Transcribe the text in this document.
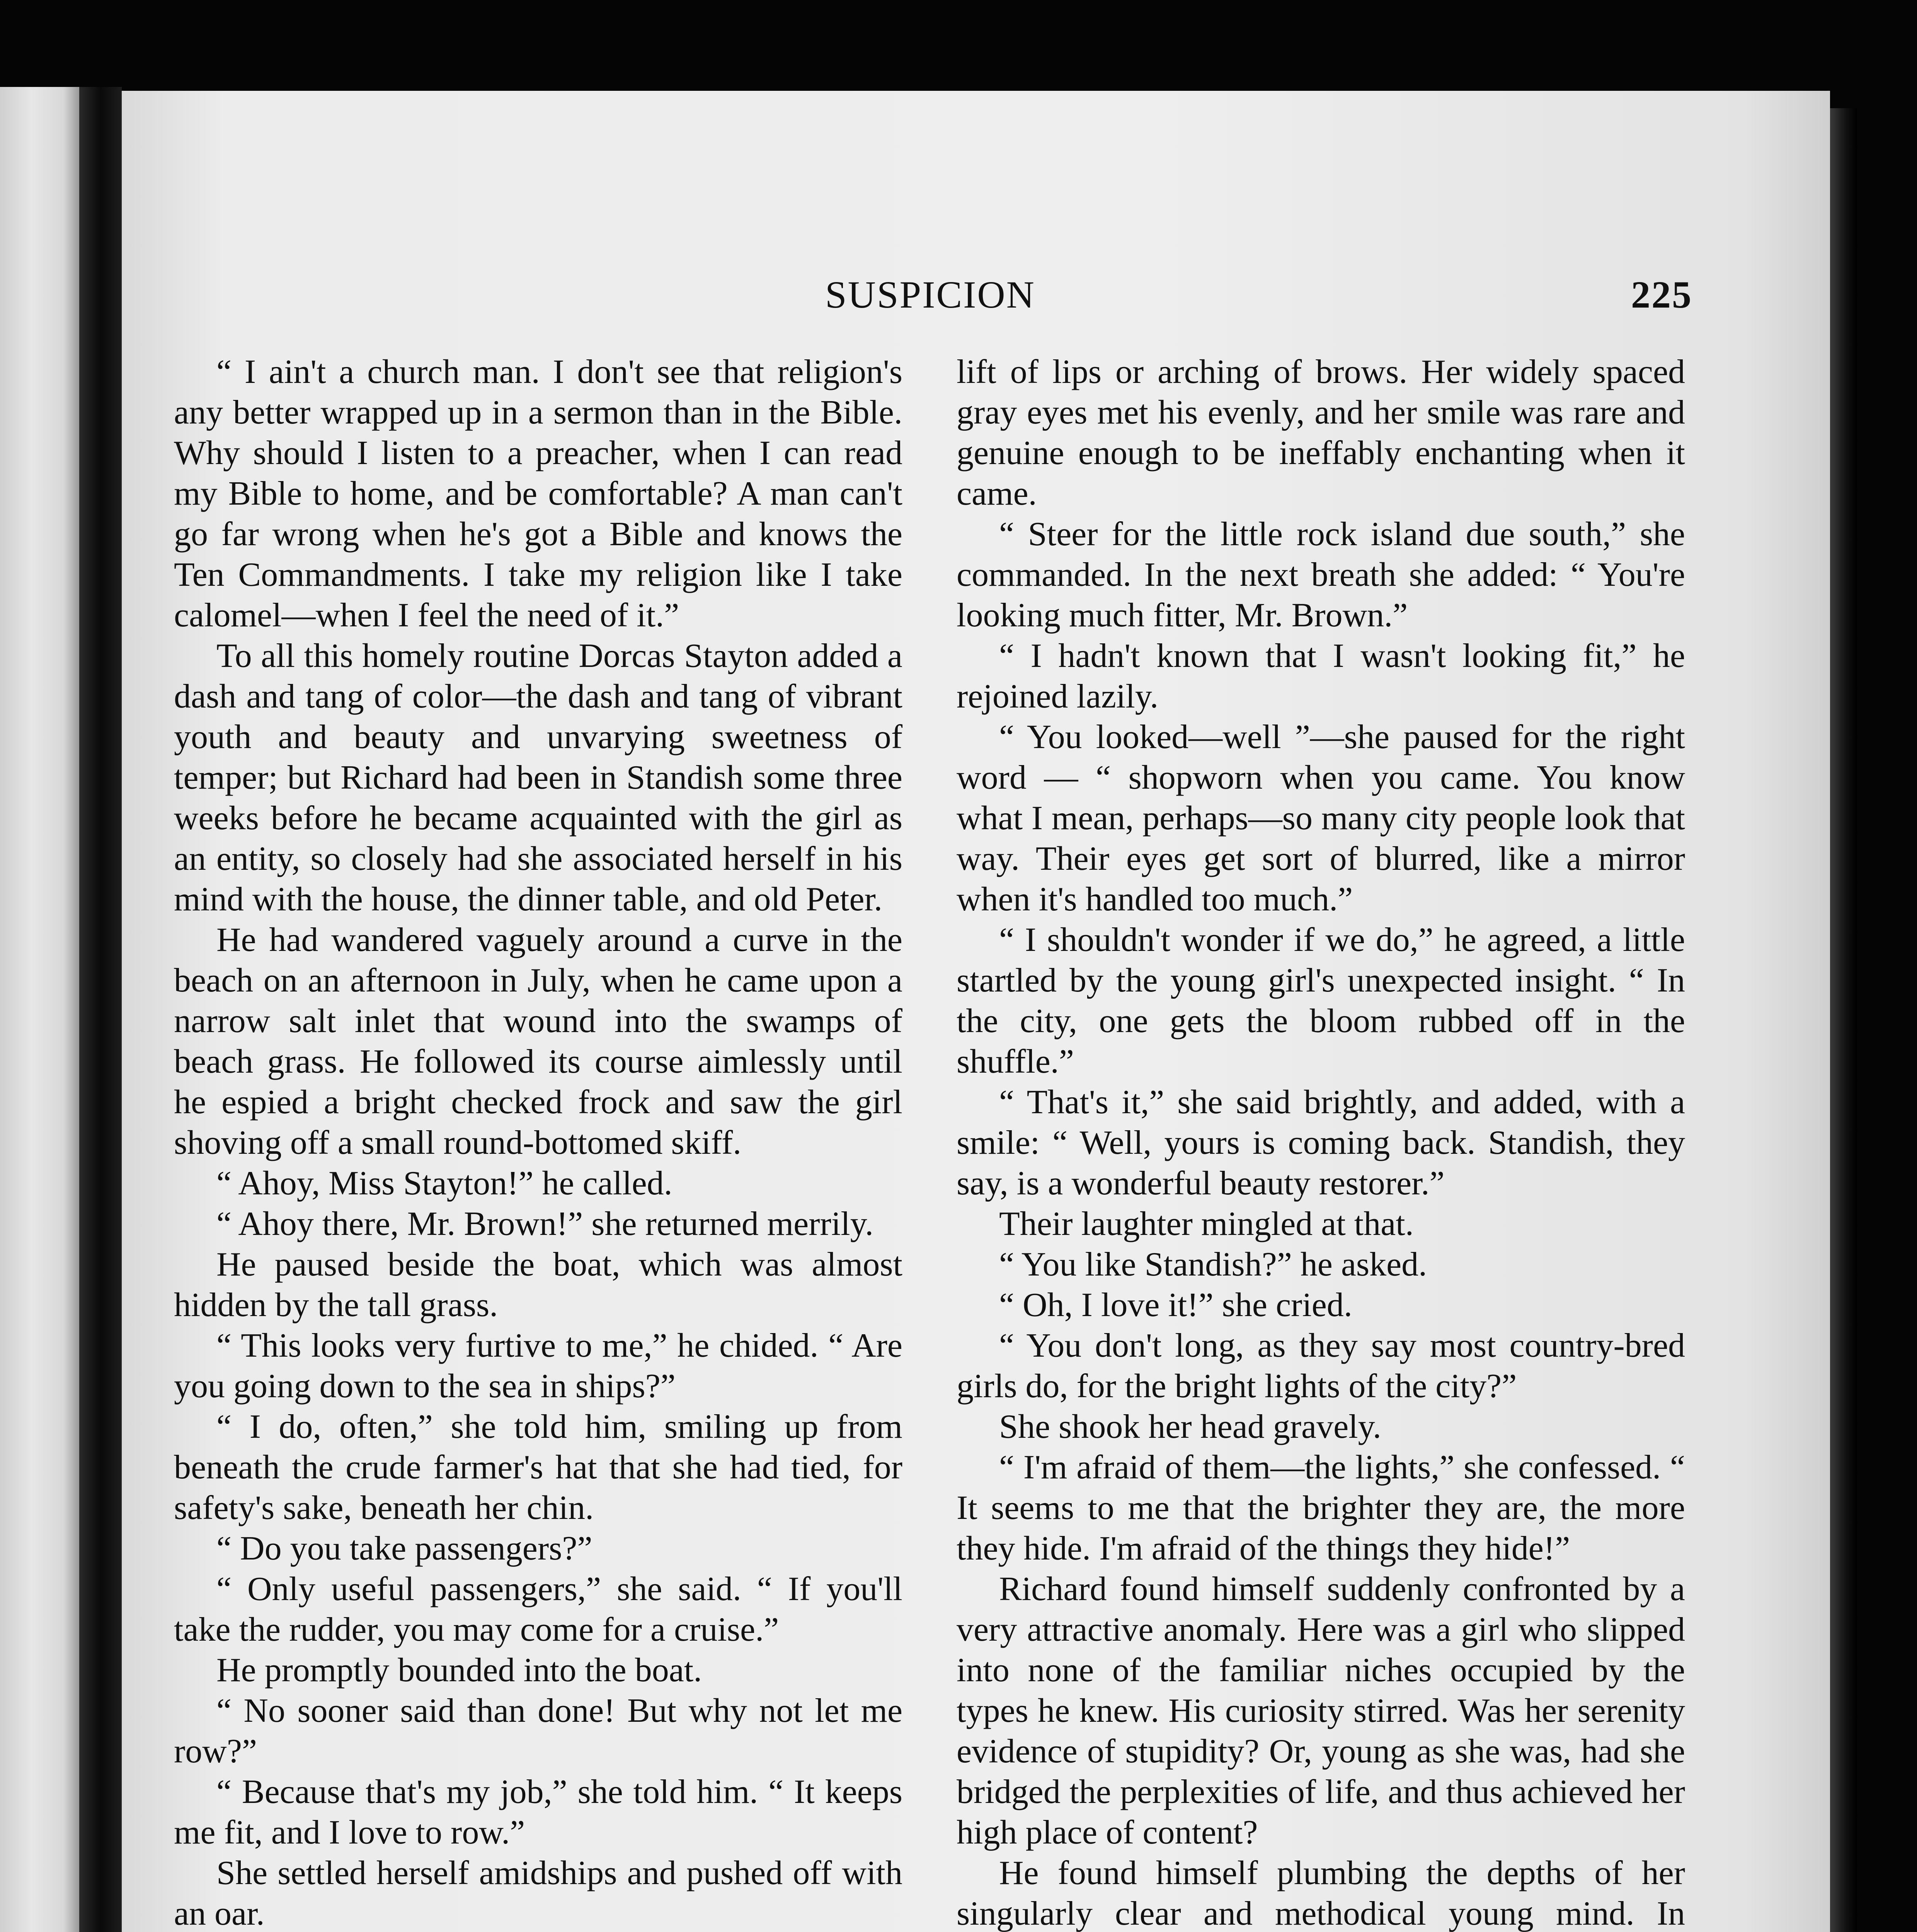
SUSPICION	225

“ I ain't a church man. I don't see that religion's any better wrapped up in a sermon than in the Bible. Why should I listen to a preacher, when I can read my Bible to home, and be comfortable? A man can't go far wrong when he's got a Bible and knows the Ten Commandments. I take my religion like I take calomel—when I feel the need of it.”

To all this homely routine Dorcas Stayton added a dash and tang of color—the dash and tang of vibrant youth and beauty and unvarying sweetness of temper; but Richard had been in Standish some three weeks before he became acquainted with the girl as an entity, so closely had she associated herself in his mind with the house, the dinner table, and old Peter.

He had wandered vaguely around a curve in the beach on an afternoon in July, when he came upon a narrow salt inlet that wound into the swamps of beach grass. He followed its course aimlessly until he espied a bright checked frock and saw the girl shoving off a small round-bottomed skiff.

“ Ahoy, Miss Stayton!” he called.

“ Ahoy there, Mr. Brown!” she returned merrily.

He paused beside the boat, which was almost hidden by the tall grass.

“ This looks very furtive to me,” he chided. “ Are you going down to the sea in ships?”

“ I do, often,” she told him, smiling up from beneath the crude farmer's hat that she had tied, for safety's sake, beneath her chin.

“ Do you take passengers?”

“ Only useful passengers,” she said. “ If you'll take the rudder, you may come for a cruise.”

He promptly bounded into the boat.

“ No sooner said than done! But why not let me row?”

“ Because that's my job,” she told him. “ It keeps me fit, and I love to row.”

She settled herself amidships and pushed off with an oar.

lift of lips or arching of brows. Her widely spaced gray eyes met his evenly, and her smile was rare and genuine enough to be ineffably enchanting when it came.

“ Steer for the little rock island due south,” she commanded. In the next breath she added: “ You're looking much fitter, Mr. Brown.”

“ I hadn't known that I wasn't looking fit,” he rejoined lazily.

“ You looked—well ”—she paused for the right word — “ shopworn when you came. You know what I mean, perhaps—so many city people look that way. Their eyes get sort of blurred, like a mirror when it's handled too much.”

“ I shouldn't wonder if we do,” he agreed, a little startled by the young girl's unexpected insight. “ In the city, one gets the bloom rubbed off in the shuffle.”

“ That's it,” she said brightly, and added, with a smile: “ Well, yours is coming back. Standish, they say, is a wonderful beauty restorer.”

Their laughter mingled at that.

“ You like Standish?” he asked.

“ Oh, I love it!” she cried.

“ You don't long, as they say most country-bred girls do, for the bright lights of the city?”

She shook her head gravely.

“ I'm afraid of them—the lights,” she confessed. “ It seems to me that the brighter they are, the more they hide. I'm afraid of the things they hide!”

Richard found himself suddenly confronted by a very attractive anomaly. Here was a girl who slipped into none of the familiar niches occupied by the types he knew. His curiosity stirred. Was her serenity evidence of stupidity? Or, young as she was, had she bridged the perplexities of life, and thus achieved her high place of content?

He found himself plumbing the depths of her singularly clear and methodical young mind. In
